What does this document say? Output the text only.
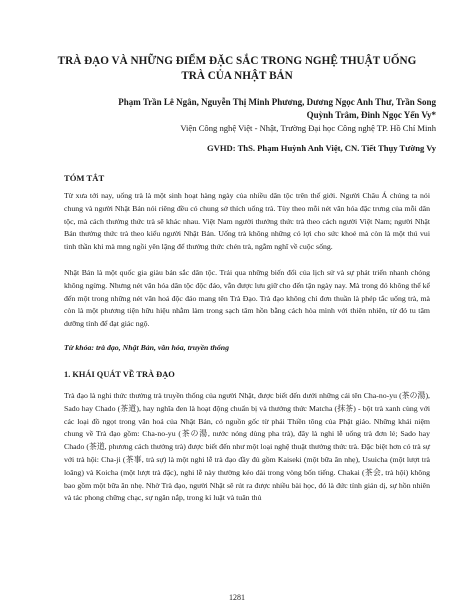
TRÀ ĐẠO VÀ NHỮNG ĐIỂM ĐẶC SẮC TRONG NGHỆ THUẬT UỐNG
TRÀ CỦA NHẬT BẢN

Phạm Trần Lê Ngân, Nguyễn Thị Minh Phương, Dương Ngọc Anh Thư, Trần Song
Quỳnh Trâm, Đinh Ngọc Yến Vy*

Viện Công nghệ Việt - Nhật, Trường Đại học Công nghệ TP. Hồ Chí Minh

GVHD: ThS. Phạm Huỳnh Anh Việt, CN. Tiết Thụy Tường Vy

TÓM TẮT

Từ xưa tới nay, uống trà là một sinh hoạt hàng ngày của nhiều dân tộc trên thế giới. Người Châu Á chúng ta nói chung và người Nhật Bản nói riêng đều có chung sở thích uống trà. Tùy theo mỗi nét văn hóa đặc trưng của mỗi dân tộc, mà cách thưởng thức trà sẽ khác nhau. Việt Nam người thưởng thức trà theo cách người Việt Nam; người Nhật Bản thưởng thức trà theo kiểu người Nhật Bản. Uống trà không những có lợi cho sức khoẻ mà còn là một thú vui tinh thần khi mà mng ngồi yên lặng để thưởng thức chén trà, ngẫm nghĩ về cuộc sống.

Nhật Bản là một quốc gia giàu bản sắc dân tộc. Trải qua những biến đổi của lịch sử và sự phát triển nhanh chóng không ngừng. Nhưng nét văn hóa dân tộc độc đáo, vẫn được lưu giữ cho đến tận ngày nay. Mà trong đó không thể kể đến một trong những nét văn hoá độc đáo mang tên Trà Đạo. Trà đạo không chỉ đơn thuần là phép tắc uống trà, mà còn là một phương tiện hữu hiệu nhằm làm trong sạch tâm hồn bằng cách hòa mình với thiên nhiên, từ đó tu tâm dưỡng tính để đạt giác ngộ.

Từ khóa: trà đạo, Nhật Bản, văn hóa, truyền thống

1. KHÁI QUÁT VỀ TRÀ ĐẠO

Trà đạo là nghi thức thưởng trà truyền thống của người Nhật, được biết đến dưới những cái tên Cha-no-yu (茶の湯), Sado hay Chado (茶道), hay nghĩa đen là hoạt động chuẩn bị và thưởng thức Matcha (抹茶) - bột trà xanh cùng với các loại đồ ngọt trong văn hoá của Nhật Bản, có nguồn gốc từ phái Thiền tông của Phật giáo. Những khái niệm chung về Trà đạo gồm: Cha-no-yu (茶の湯, nước nóng dùng pha trà), đây là nghi lễ uống trà đơn lẻ; Sado hay Chado (茶道, phương cách thưởng trà) được biết đến như một loại nghệ thuật thưởng thức trà. Đặc biệt hơn có trà sự với trà hội: Cha-ji (茶事, trà sự) là một nghi lễ trà đạo đầy đủ gồm Kaiseki (một bữa ăn nhẹ), Usuicha (một lượt trà loãng) và Koicha (một lượt trà đặc), nghi lễ này thường kéo dài trong vòng bốn tiếng. Chakai (茶会, trà hội) không bao gồm một bữa ăn nhẹ. Nhờ Trà đạo, người Nhật sẽ rút ra được nhiều bài học, đó là đức tính giản dị, sự hồn nhiên và tác phong chững chạc, sự ngăn nắp, trong kỉ luật và tuân thủ

1281
